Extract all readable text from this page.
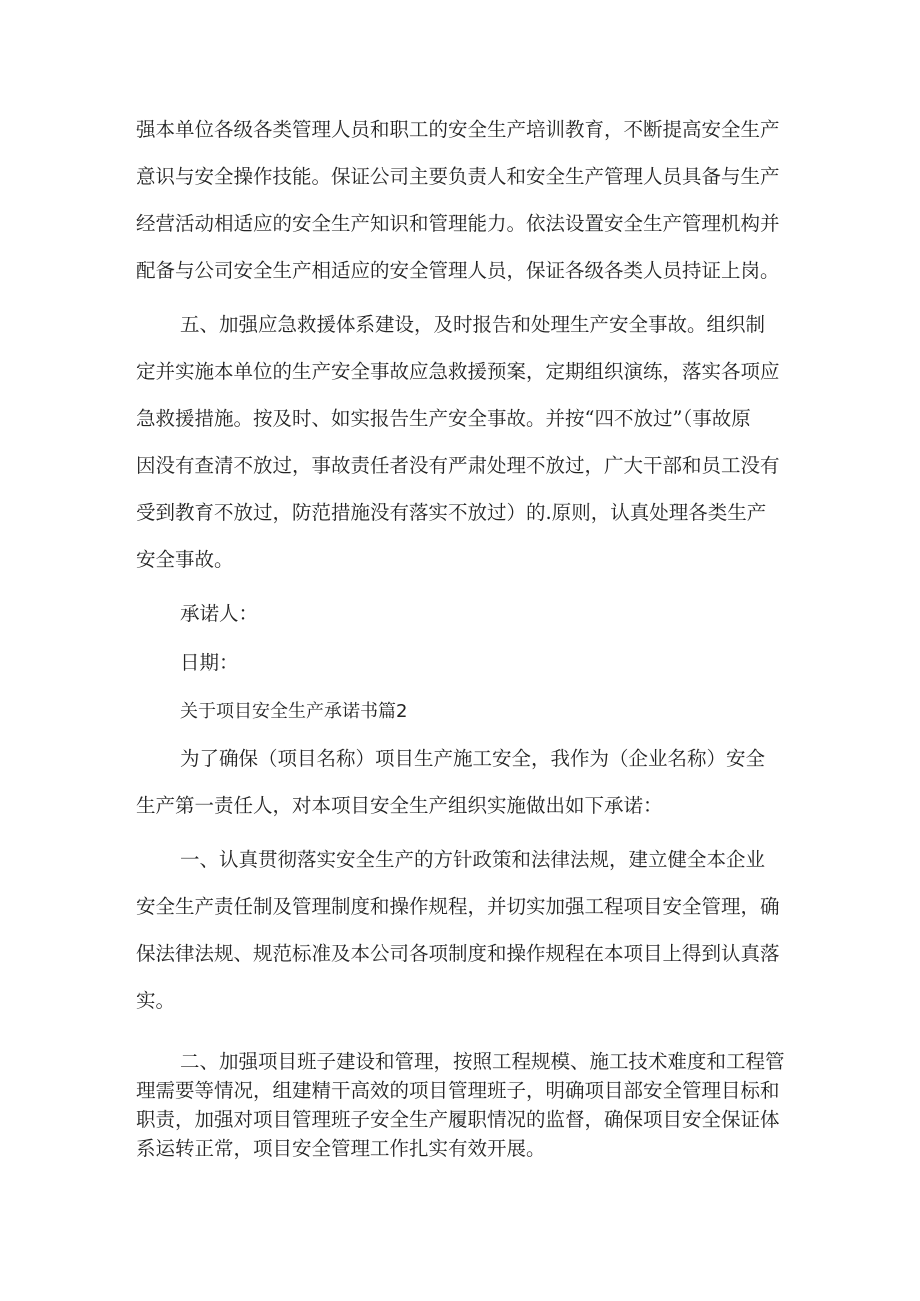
强本单位各级各类管理人员和职工的安全生产培训教育，不断提高安全生产
意识与安全操作技能。保证公司主要负责人和安全生产管理人员具备与生产
经营活动相适应的安全生产知识和管理能力。依法设置安全生产管理机构并
配备与公司安全生产相适应的安全管理人员，保证各级各类人员持证上岗。
五、加强应急救援体系建设，及时报告和处理生产安全事故。组织制
定并实施本单位的生产安全事故应急救援预案，定期组织演练，落实各项应
急救援措施。按及时、如实报告生产安全事故。并按“四不放过”（事故原
因没有查清不放过，事故责任者没有严肃处理不放过，广大干部和员工没有
受到教育不放过，防范措施没有落实不放过）的.原则，认真处理各类生产
安全事故。
承诺人：
日期：
关于项目安全生产承诺书篇2
为了确保（项目名称）项目生产施工安全，我作为（企业名称）安全
生产第一责任人，对本项目安全生产组织实施做出如下承诺：
一、认真贯彻落实安全生产的方针政策和法律法规，建立健全本企业
安全生产责任制及管理制度和操作规程，并切实加强工程项目安全管理，确
保法律法规、规范标准及本公司各项制度和操作规程在本项目上得到认真落
实。
二、加强项目班子建设和管理，按照工程规模、施工技术难度和工程管
理需要等情况，组建精干高效的项目管理班子，明确项目部安全管理目标和
职责，加强对项目管理班子安全生产履职情况的监督，确保项目安全保证体
系运转正常，项目安全管理工作扎实有效开展。
